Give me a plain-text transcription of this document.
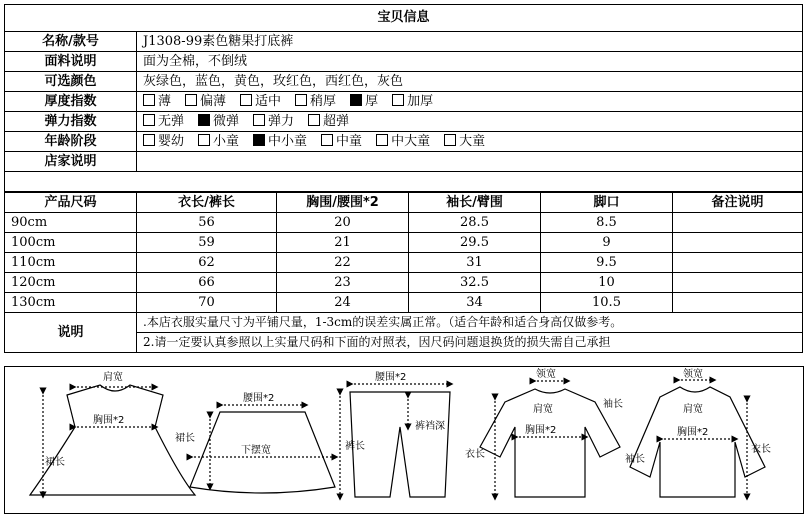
宝贝信息	
名称/款号	J1308-99素色糖果打底裤
面料说明	面为全棉，不倒绒
可选颜色	灰绿色，蓝色，黄色，玫红色，西红色，灰色
厚度指数	薄 偏薄 适中 稍厚 厚 加厚
弹力指数	无弹 微弹 弹力 超弹
年龄阶段	婴幼 小童 中小童 中童 中大童 大童
店家说明	

产品尺码	衣长/裤长	胸围/腰围*2	袖长/臂围	脚口	备注说明
90cm	56	20	28.5	8.5	
100cm	59	21	29.5	9	
110cm	62	22	31	9.5	
120cm	66	23	32.5	10	
130cm	70	24	34	10.5	
说明	.本店衣服实量尺寸为平铺尺量，1-3cm的误差实属正常。（适合年龄和适合身高仅做参考。				
	2.请一定要认真参照以上实量尺码和下面的对照表，因尺码问题退换货的损失需自己承担				
肩宽
胸围*2
裙长
腰围*2
裙长
下摆宽
腰围*2
裤长
裤裆深
领宽
肩宽	袖长
胸围*2
衣长
领宽
肩宽
胸围*2
衣长
袖长
